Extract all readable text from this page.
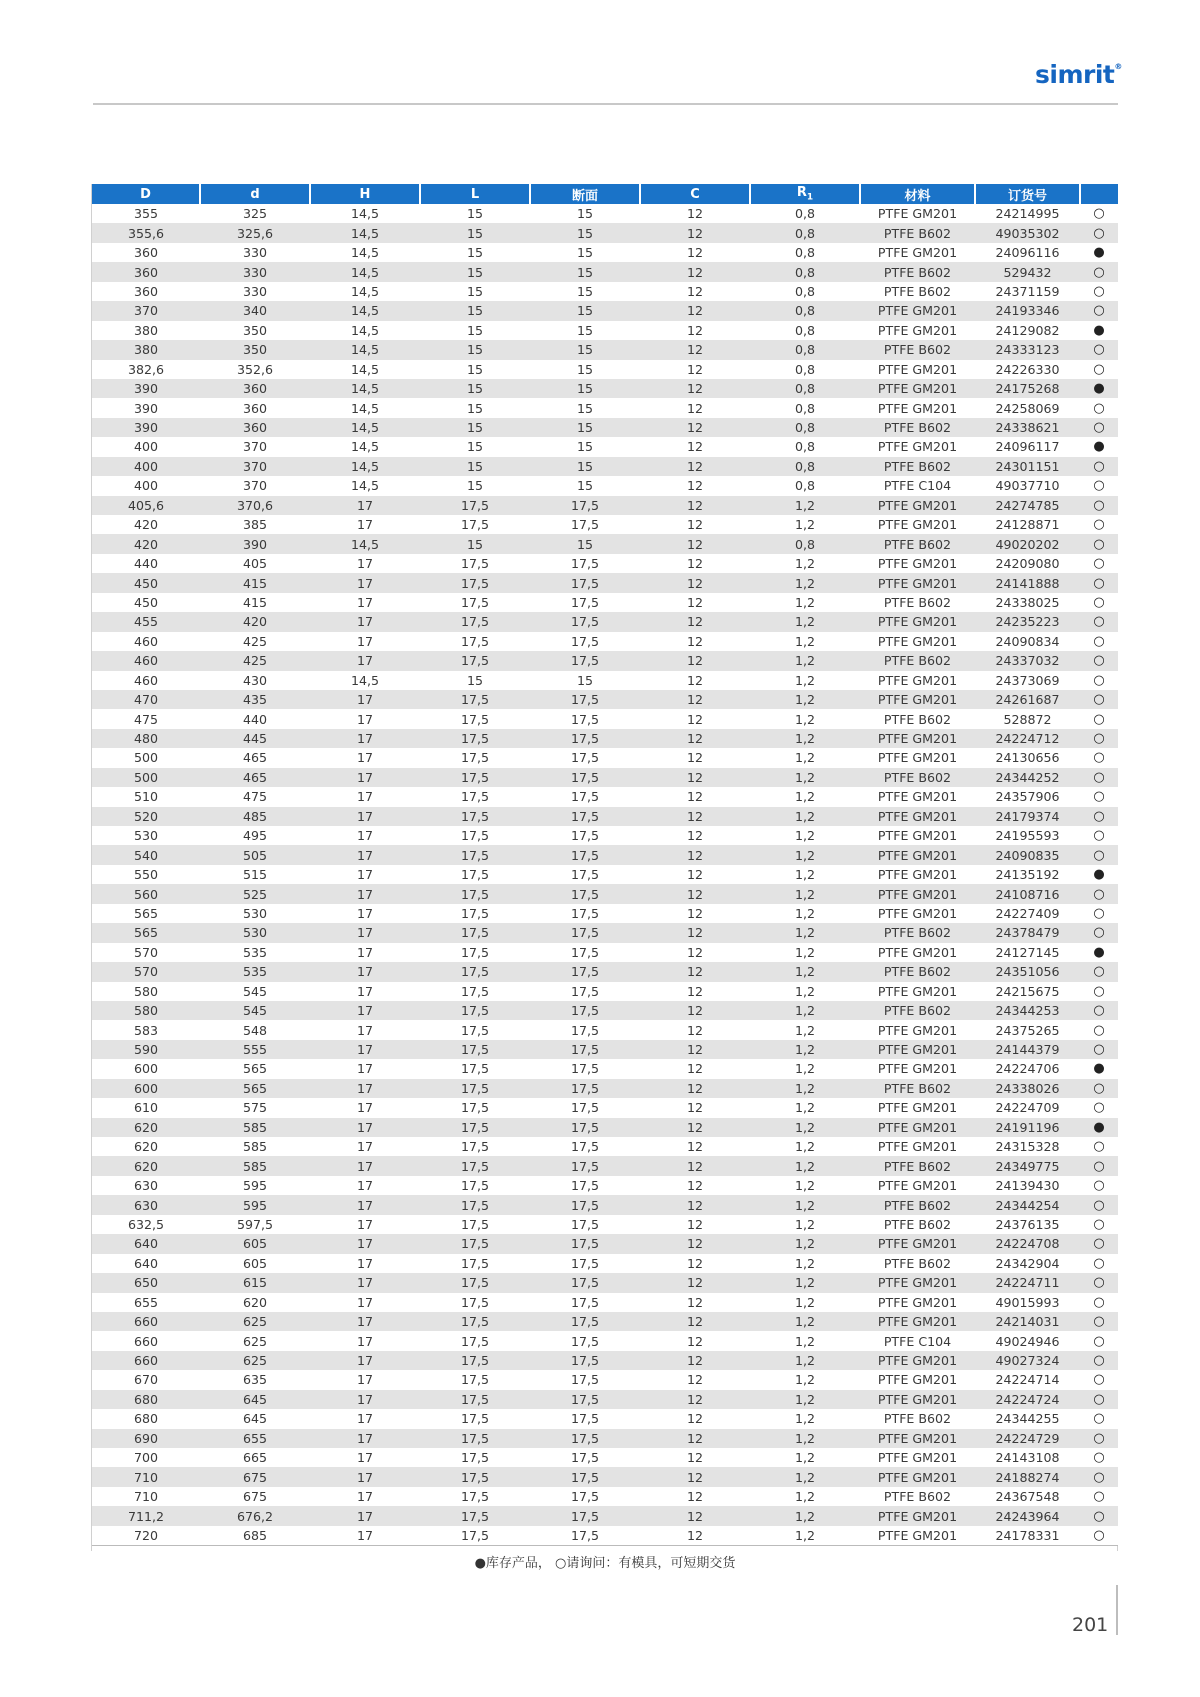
simrit®
D	d	H	L	断面	C	$R_1$	材料	订货号	
355	325	14,5	15	15	12	0,8	PTFE GM201	24214995	○
355,6	325,6	14,5	15	15	12	0,8	PTFE B602	49035302	○
360	330	14,5	15	15	12	0,8	PTFE GM201	24096116	●
360	330	14,5	15	15	12	0,8	PTFE B602	529432	○
360	330	14,5	15	15	12	0,8	PTFE B602	24371159	○
370	340	14,5	15	15	12	0,8	PTFE GM201	24193346	○
380	350	14,5	15	15	12	0,8	PTFE GM201	24129082	●
380	350	14,5	15	15	12	0,8	PTFE B602	24333123	○
382,6	352,6	14,5	15	15	12	0,8	PTFE GM201	24226330	○
390	360	14,5	15	15	12	0,8	PTFE GM201	24175268	●
390	360	14,5	15	15	12	0,8	PTFE GM201	24258069	○
390	360	14,5	15	15	12	0,8	PTFE B602	24338621	○
400	370	14,5	15	15	12	0,8	PTFE GM201	24096117	●
400	370	14,5	15	15	12	0,8	PTFE B602	24301151	○
400	370	14,5	15	15	12	0,8	PTFE C104	49037710	○
405,6	370,6	17	17,5	17,5	12	1,2	PTFE GM201	24274785	○
420	385	17	17,5	17,5	12	1,2	PTFE GM201	24128871	○
420	390	14,5	15	15	12	0,8	PTFE B602	49020202	○
440	405	17	17,5	17,5	12	1,2	PTFE GM201	24209080	○
450	415	17	17,5	17,5	12	1,2	PTFE GM201	24141888	○
450	415	17	17,5	17,5	12	1,2	PTFE B602	24338025	○
455	420	17	17,5	17,5	12	1,2	PTFE GM201	24235223	○
460	425	17	17,5	17,5	12	1,2	PTFE GM201	24090834	○
460	425	17	17,5	17,5	12	1,2	PTFE B602	24337032	○
460	430	14,5	15	15	12	1,2	PTFE GM201	24373069	○
470	435	17	17,5	17,5	12	1,2	PTFE GM201	24261687	○
475	440	17	17,5	17,5	12	1,2	PTFE B602	528872	○
480	445	17	17,5	17,5	12	1,2	PTFE GM201	24224712	○
500	465	17	17,5	17,5	12	1,2	PTFE GM201	24130656	○
500	465	17	17,5	17,5	12	1,2	PTFE B602	24344252	○
510	475	17	17,5	17,5	12	1,2	PTFE GM201	24357906	○
520	485	17	17,5	17,5	12	1,2	PTFE GM201	24179374	○
530	495	17	17,5	17,5	12	1,2	PTFE GM201	24195593	○
540	505	17	17,5	17,5	12	1,2	PTFE GM201	24090835	○
550	515	17	17,5	17,5	12	1,2	PTFE GM201	24135192	●
560	525	17	17,5	17,5	12	1,2	PTFE GM201	24108716	○
565	530	17	17,5	17,5	12	1,2	PTFE GM201	24227409	○
565	530	17	17,5	17,5	12	1,2	PTFE B602	24378479	○
570	535	17	17,5	17,5	12	1,2	PTFE GM201	24127145	●
570	535	17	17,5	17,5	12	1,2	PTFE B602	24351056	○
580	545	17	17,5	17,5	12	1,2	PTFE GM201	24215675	○
580	545	17	17,5	17,5	12	1,2	PTFE B602	24344253	○
583	548	17	17,5	17,5	12	1,2	PTFE GM201	24375265	○
590	555	17	17,5	17,5	12	1,2	PTFE GM201	24144379	○
600	565	17	17,5	17,5	12	1,2	PTFE GM201	24224706	●
600	565	17	17,5	17,5	12	1,2	PTFE B602	24338026	○
610	575	17	17,5	17,5	12	1,2	PTFE GM201	24224709	○
620	585	17	17,5	17,5	12	1,2	PTFE GM201	24191196	●
620	585	17	17,5	17,5	12	1,2	PTFE GM201	24315328	○
620	585	17	17,5	17,5	12	1,2	PTFE B602	24349775	○
630	595	17	17,5	17,5	12	1,2	PTFE GM201	24139430	○
630	595	17	17,5	17,5	12	1,2	PTFE B602	24344254	○
632,5	597,5	17	17,5	17,5	12	1,2	PTFE B602	24376135	○
640	605	17	17,5	17,5	12	1,2	PTFE GM201	24224708	○
640	605	17	17,5	17,5	12	1,2	PTFE B602	24342904	○
650	615	17	17,5	17,5	12	1,2	PTFE GM201	24224711	○
655	620	17	17,5	17,5	12	1,2	PTFE GM201	49015993	○
660	625	17	17,5	17,5	12	1,2	PTFE GM201	24214031	○
660	625	17	17,5	17,5	12	1,2	PTFE C104	49024946	○
660	625	17	17,5	17,5	12	1,2	PTFE GM201	49027324	○
670	635	17	17,5	17,5	12	1,2	PTFE GM201	24224714	○
680	645	17	17,5	17,5	12	1,2	PTFE GM201	24224724	○
680	645	17	17,5	17,5	12	1,2	PTFE B602	24344255	○
690	655	17	17,5	17,5	12	1,2	PTFE GM201	24224729	○
700	665	17	17,5	17,5	12	1,2	PTFE GM201	24143108	○
710	675	17	17,5	17,5	12	1,2	PTFE GM201	24188274	○
710	675	17	17,5	17,5	12	1,2	PTFE B602	24367548	○
711,2	676,2	17	17,5	17,5	12	1,2	PTFE GM201	24243964	○
720	685	17	17,5	17,5	12	1,2	PTFE GM201	24178331	○
●库存产品， ○请询问：有模具，可短期交货
201
